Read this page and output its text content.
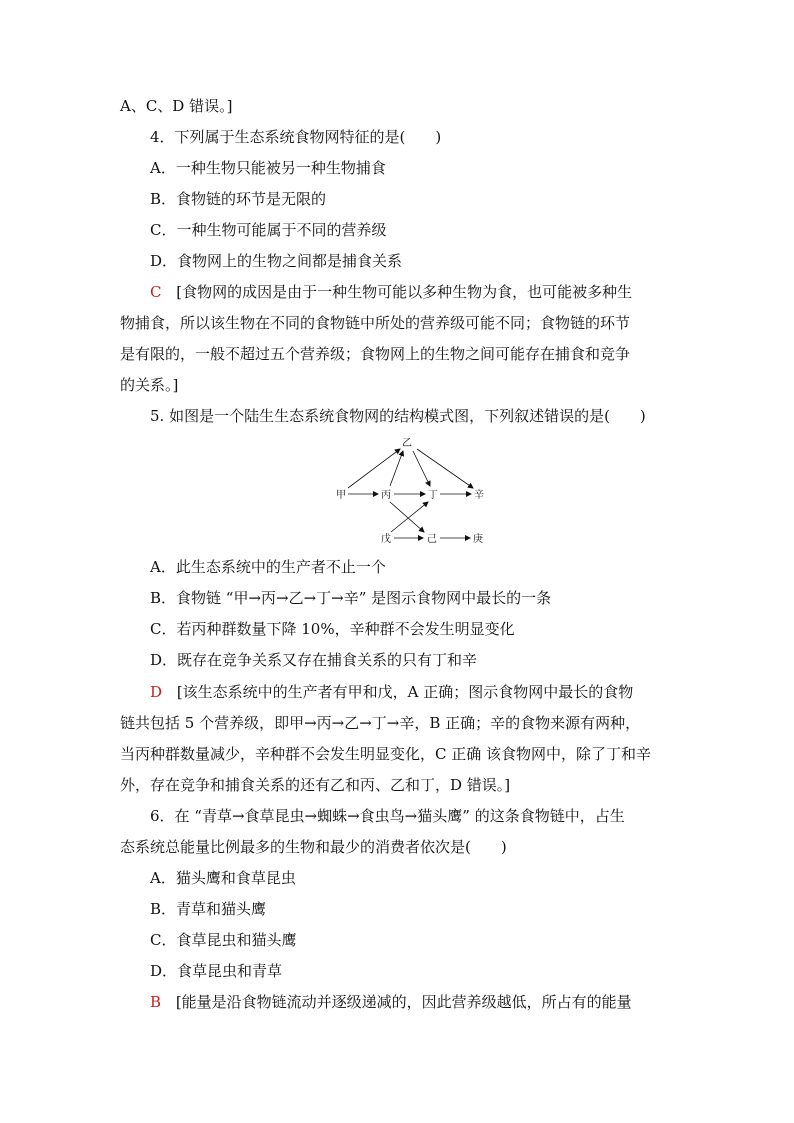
A、C、D 错误。]
4．下列属于生态系统食物网特征的是(　　)
A．一种生物只能被另一种生物捕食
B．食物链的环节是无限的
C．一种生物可能属于不同的营养级
D．食物网上的生物之间都是捕食关系
C [食物网的成因是由于一种生物可能以多种生物为食，也可能被多种生
物捕食，所以该生物在不同的食物链中所处的营养级可能不同；食物链的环节
是有限的，一般不超过五个营养级；食物网上的生物之间可能存在捕食和竞争
的关系。]
5. 如图是一个陆生生态系统食物网的结构模式图，下列叙述错误的是(　　)
乙
甲	丙	丁	辛
戊	己	庚
A．此生态系统中的生产者不止一个
B．食物链 “甲→丙→乙→丁→辛” 是图示食物网中最长的一条
C．若丙种群数量下降 10%，辛种群不会发生明显变化
D．既存在竞争关系又存在捕食关系的只有丁和辛
D [该生态系统中的生产者有甲和戊，A 正确；图示食物网中最长的食物
链共包括 5 个营养级，即甲→丙→乙→丁→辛，B 正确；辛的食物来源有两种，
当丙种群数量减少，辛种群不会发生明显变化，C 正确 该食物网中，除了丁和辛
外，存在竞争和捕食关系的还有乙和丙、乙和丁，D 错误。]
6．在 “青草→食草昆虫→蜘蛛→食虫鸟→猫头鹰” 的这条食物链中，占生
态系统总能量比例最多的生物和最少的消费者依次是(　　)
A．猫头鹰和食草昆虫
B．青草和猫头鹰
C．食草昆虫和猫头鹰
D．食草昆虫和青草
B [能量是沿食物链流动并逐级递减的，因此营养级越低，所占有的能量
